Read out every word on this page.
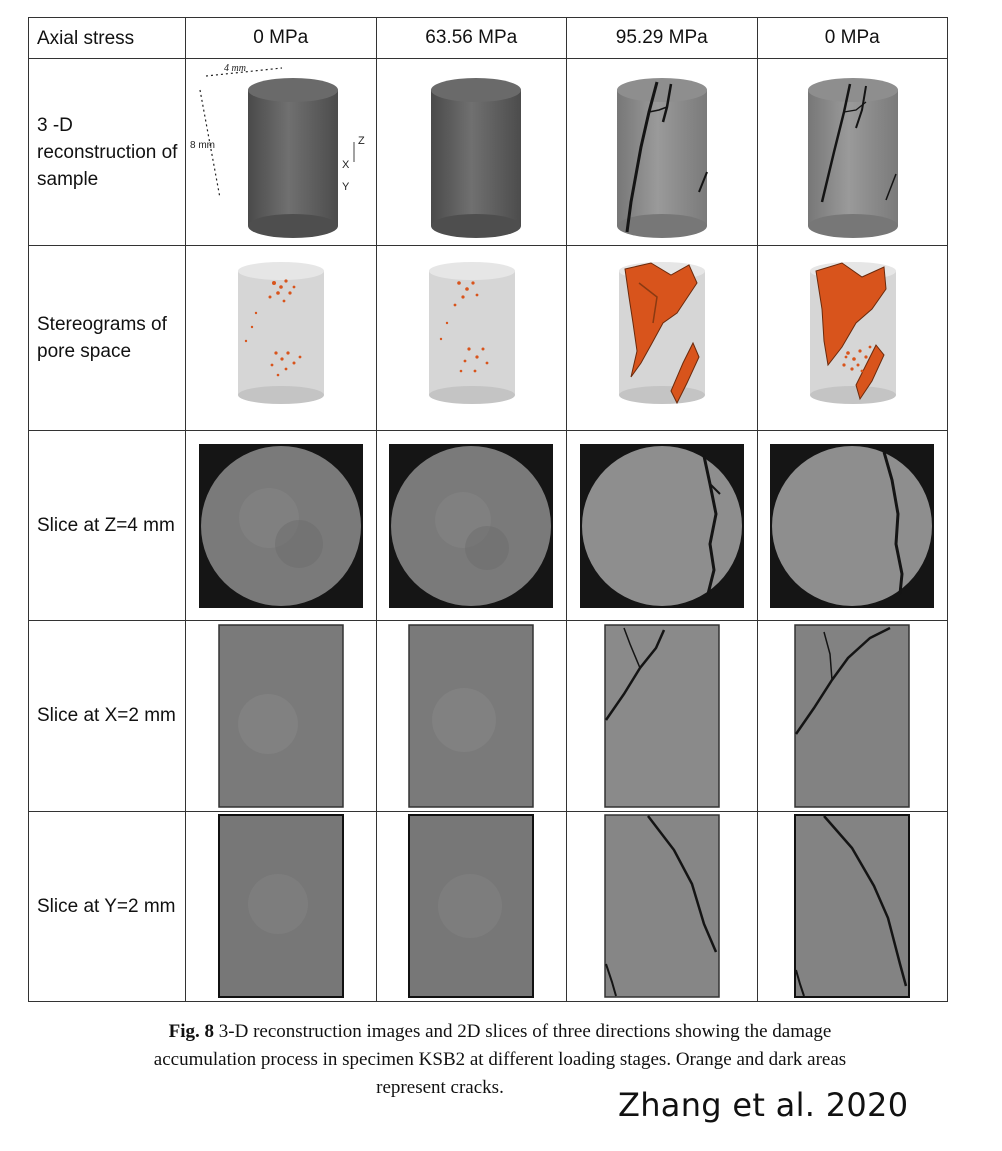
Axial stress	0 MPa	63.56 MPa	95.29 MPa	0 MPa
3 -D reconstruction of sample	4 mm
8 mm Z
X
Y

Stereograms of pore space	

Slice at Z=4 mm	

Slice at X=2 mm	

Slice at Y=2 mm	

Fig. 8 3-D reconstruction images and 2D slices of three directions showing the damage
accumulation process in specimen KSB2 at different loading stages. Orange and dark areas
represent cracks.	Zhang et al. 2020
